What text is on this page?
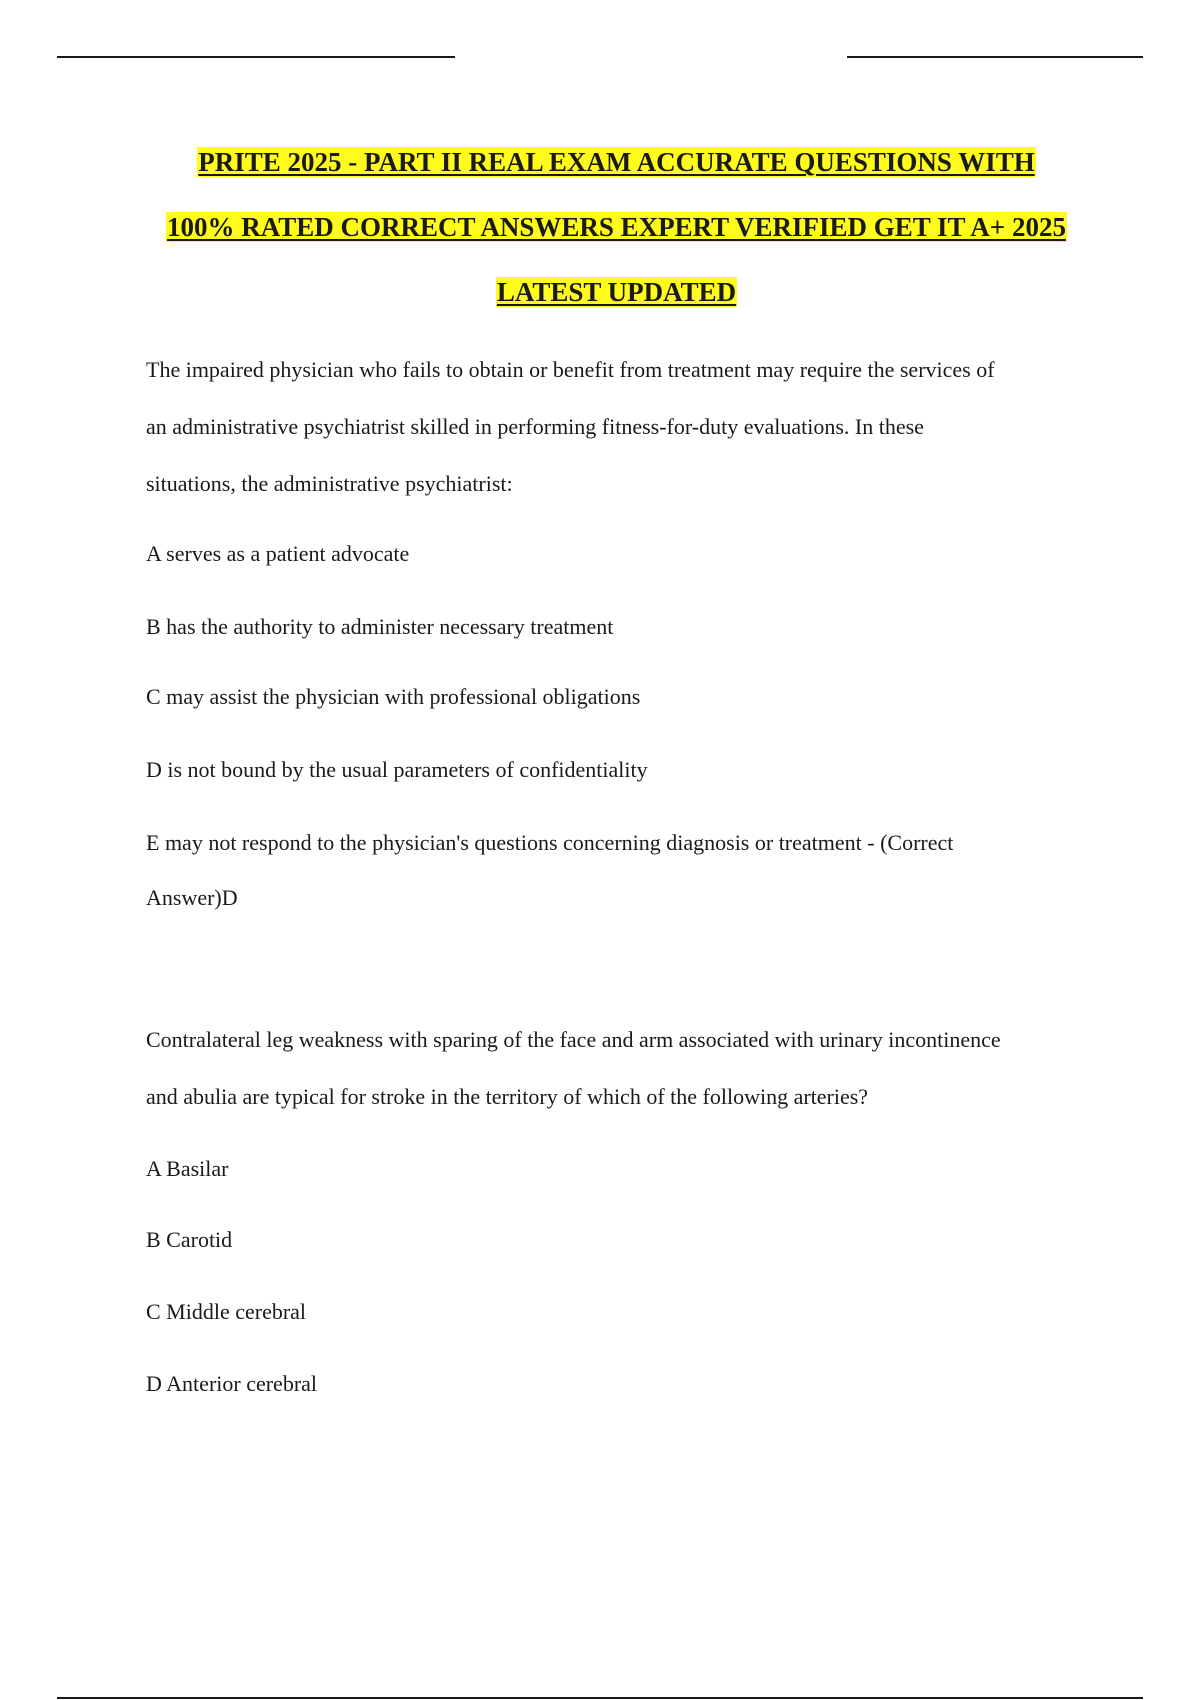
PRITE 2025 - PART II REAL EXAM ACCURATE QUESTIONS WITH
100% RATED CORRECT ANSWERS EXPERT VERIFIED GET IT A+ 2025
LATEST UPDATED
The impaired physician who fails to obtain or benefit from treatment may require the services of
an administrative psychiatrist skilled in performing fitness-for-duty evaluations. In these
situations, the administrative psychiatrist:
A serves as a patient advocate
B has the authority to administer necessary treatment
C may assist the physician with professional obligations
D is not bound by the usual parameters of confidentiality
E may not respond to the physician's questions concerning diagnosis or treatment - (Correct
Answer)D
Contralateral leg weakness with sparing of the face and arm associated with urinary incontinence
and abulia are typical for stroke in the territory of which of the following arteries?
A Basilar
B Carotid
C Middle cerebral
D Anterior cerebral
